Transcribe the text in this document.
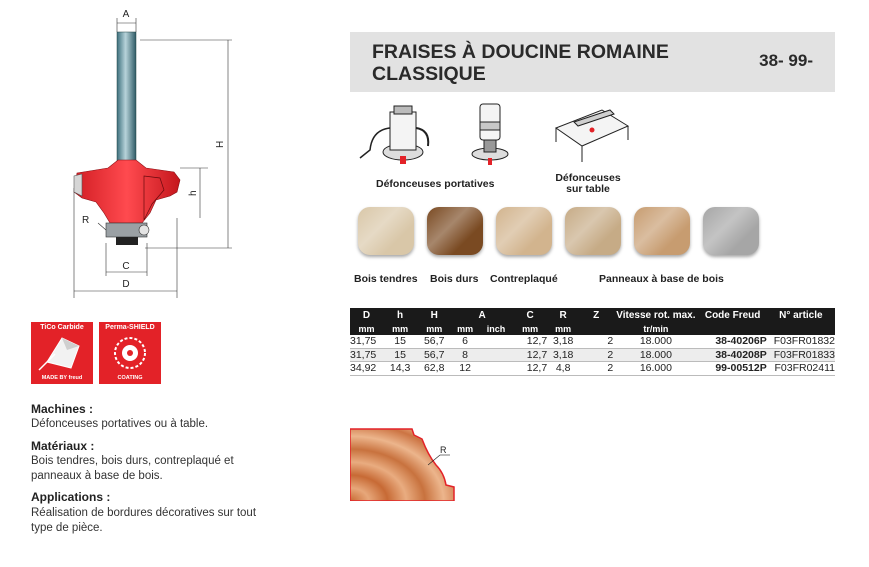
A
H
h
R
C
D
TiCo Carbide
MADE BY freud
Perma-SHIELD
COATING
Machines :
Défonceuses portatives ou à table.
Matériaux :
Bois tendres, bois durs, contreplaqué et panneaux à base de bois.
Applications :
Réalisation de bordures décoratives sur tout type de pièce.
FRAISES À DOUCINE ROMAINE CLASSIQUE
38- 99-
Défonceuses portatives	Défonceuses sur table
Bois tendres Bois durs Contreplaqué	Panneaux à base de bois
D	h	H	A		C	R	Z	Vitesse rot. max.	Code Freud	N° article
mm	mm	mm	mm	inch	mm	mm		tr/min		
31,75	15	56,7	6		12,7	3,18	2	18.000	38-40206P	F03FR01832
31,75	15	56,7	8		12,7	3,18	2	18.000	38-40208P	F03FR01833
34,92	14,3	62,8	12		12,7	4,8	2	16.000	99-00512P	F03FR02411
R
